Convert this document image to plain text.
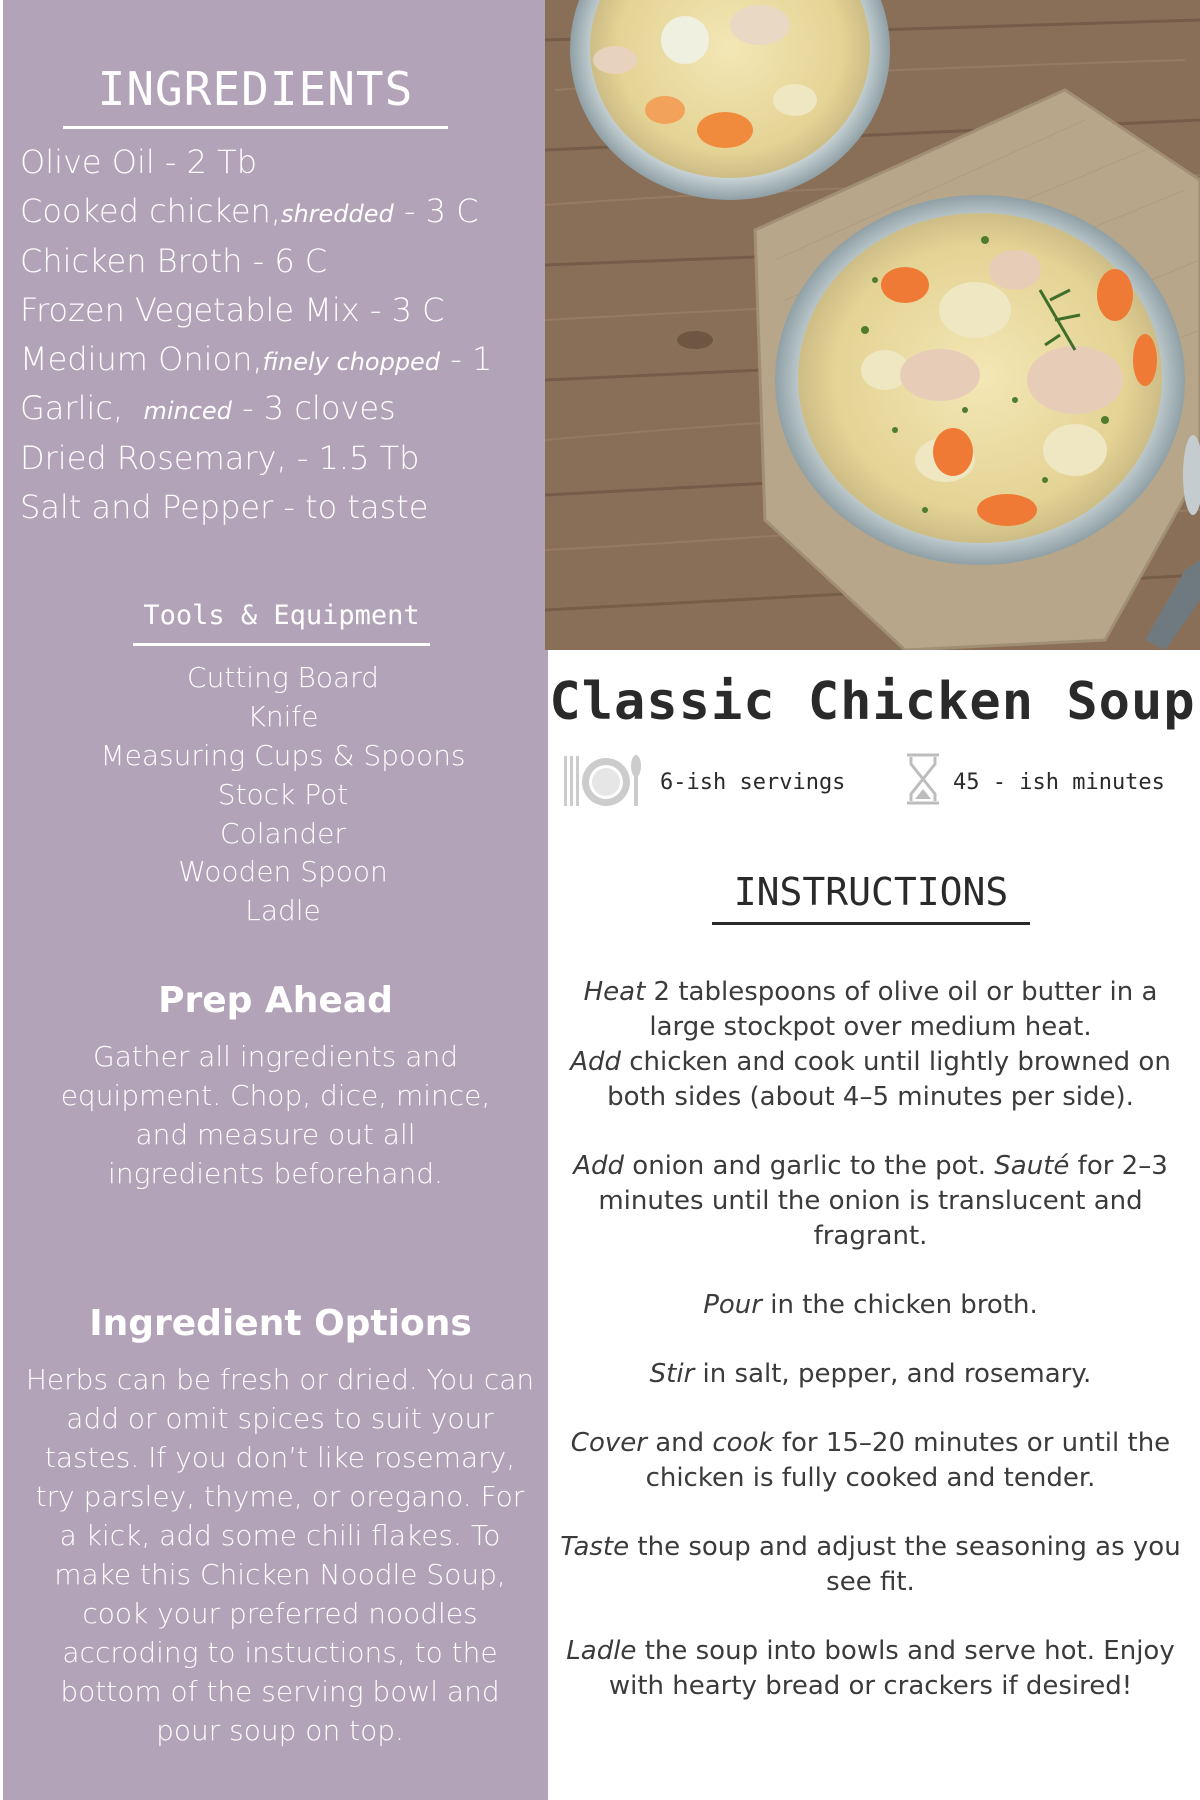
INGREDIENTS
Olive Oil - 2 Tb
Cooked chicken,shredded - 3 C
Chicken Broth - 6 C
Frozen Vegetable Mix - 3 C
Medium Onion,finely chopped - 1
Garlic,  minced - 3 cloves
Dried Rosemary, - 1.5 Tb
Salt and Pepper - to taste
Tools & Equipment
Cutting Board
Knife
Measuring Cups & Spoons
Stock Pot
Colander
Wooden Spoon
Ladle
Prep Ahead
Gather all ingredients and equipment. Chop, dice, mince, and measure out all ingredients beforehand.
Ingredient Options
Herbs can be fresh or dried. You can add or omit spices to suit your tastes. If you don’t like rosemary, try parsley, thyme, or oregano. For a kick, add some chili flakes. To make this Chicken Noodle Soup, cook your preferred noodles accroding to instuctions, to the bottom of the serving bowl and pour soup on top.
Classic Chicken Soup
6-ish servings	45 - ish minutes
INSTRUCTIONS
Heat 2 tablespoons of olive oil or butter in a large stockpot over medium heat.
Add chicken and cook until lightly browned on both sides (about 4–5 minutes per side).
Add onion and garlic to the pot. Sauté for 2–3 minutes until the onion is translucent and fragrant.
Pour in the chicken broth.
Stir in salt, pepper, and rosemary.
Cover and cook for 15–20 minutes or until the chicken is fully cooked and tender.
Taste the soup and adjust the seasoning as you see fit.
Ladle the soup into bowls and serve hot. Enjoy with hearty bread or crackers if desired!
